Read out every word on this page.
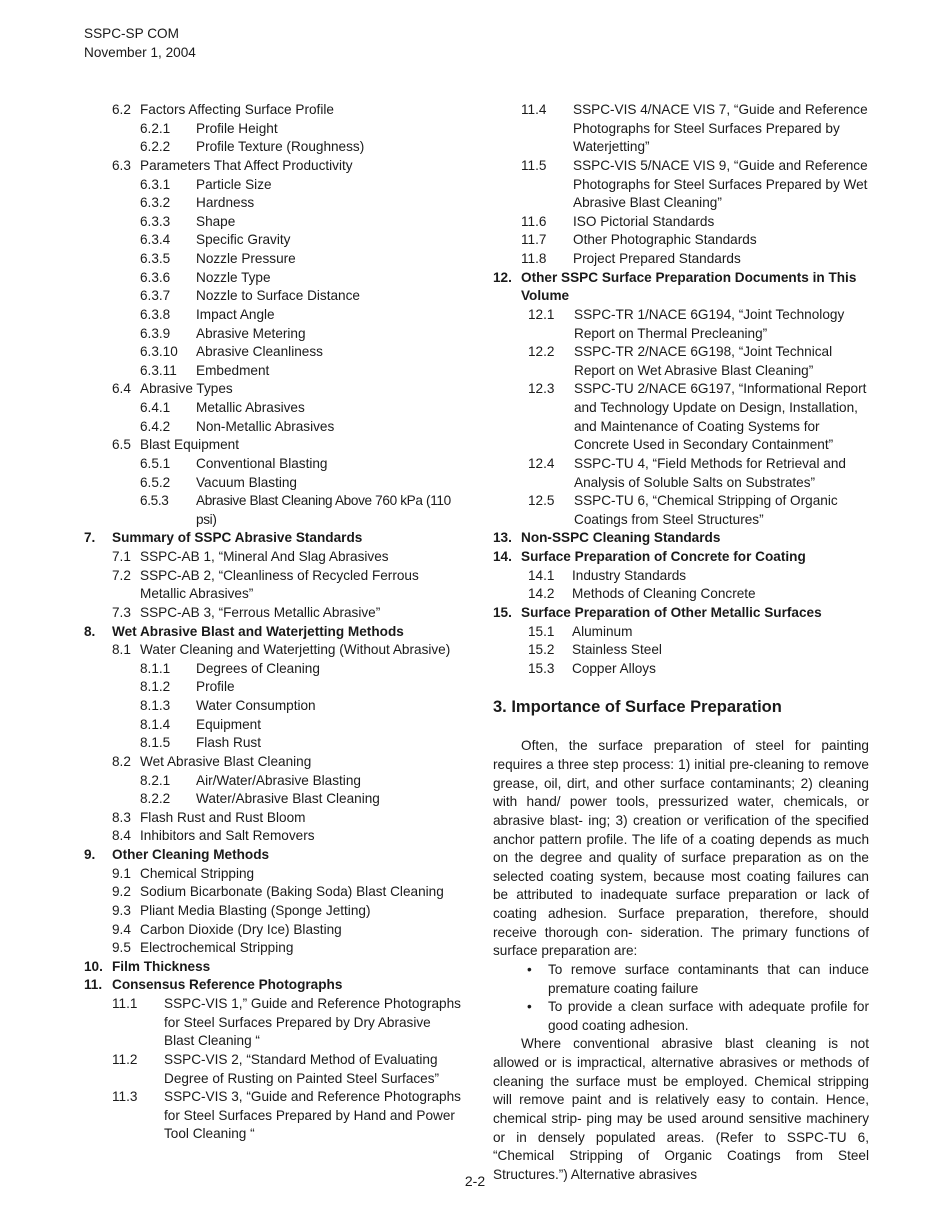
SSPC-SP COM
November 1, 2004
6.2 Factors Affecting Surface Profile
6.2.1 Profile Height
6.2.2 Profile Texture (Roughness)
6.3 Parameters That Affect Productivity
6.3.1 Particle Size
6.3.2 Hardness
6.3.3 Shape
6.3.4 Specific Gravity
6.3.5 Nozzle Pressure
6.3.6 Nozzle Type
6.3.7 Nozzle to Surface Distance
6.3.8 Impact Angle
6.3.9 Abrasive Metering
6.3.10 Abrasive Cleanliness
6.3.11 Embedment
6.4 Abrasive Types
6.4.1 Metallic Abrasives
6.4.2 Non-Metallic Abrasives
6.5 Blast Equipment
6.5.1 Conventional Blasting
6.5.2 Vacuum Blasting
6.5.3 Abrasive Blast Cleaning Above 760 kPa (110 psi)
7. Summary of SSPC Abrasive Standards
7.1 SSPC-AB 1, “Mineral And Slag Abrasives
7.2 SSPC-AB 2, “Cleanliness of Recycled Ferrous Metallic Abrasives”
7.3 SSPC-AB 3, “Ferrous Metallic Abrasive”
8. Wet Abrasive Blast and Waterjetting Methods
8.1 Water Cleaning and Waterjetting (Without Abrasive)
8.1.1 Degrees of Cleaning
8.1.2 Profile
8.1.3 Water Consumption
8.1.4 Equipment
8.1.5 Flash Rust
8.2 Wet Abrasive Blast Cleaning
8.2.1 Air/Water/Abrasive Blasting
8.2.2 Water/Abrasive Blast Cleaning
8.3 Flash Rust and Rust Bloom
8.4 Inhibitors and Salt Removers
9. Other Cleaning Methods
9.1 Chemical Stripping
9.2 Sodium Bicarbonate (Baking Soda) Blast Cleaning
9.3 Pliant Media Blasting (Sponge Jetting)
9.4 Carbon Dioxide (Dry Ice) Blasting
9.5 Electrochemical Stripping
10. Film Thickness
11. Consensus Reference Photographs
11.1 SSPC-VIS 1,” Guide and Reference Photographs for Steel Surfaces Prepared by Dry Abrasive Blast Cleaning “
11.2 SSPC-VIS 2, “Standard Method of Evaluating Degree of Rusting on Painted Steel Surfaces”
11.3 SSPC-VIS 3, “Guide and Reference Photographs for Steel Surfaces Prepared by Hand and Power Tool Cleaning “
11.4 SSPC-VIS 4/NACE VIS 7, “Guide and Reference Photographs for Steel Surfaces Prepared by Waterjetting”
11.5 SSPC-VIS 5/NACE VIS 9, “Guide and Reference Photographs for Steel Surfaces Prepared by Wet Abrasive Blast Cleaning”
11.6 ISO Pictorial Standards
11.7 Other Photographic Standards
11.8 Project Prepared Standards
12. Other SSPC Surface Preparation Documents in This Volume
12.1 SSPC-TR 1/NACE 6G194, “Joint Technology Report on Thermal Precleaning”
12.2 SSPC-TR 2/NACE 6G198, “Joint Technical Report on Wet Abrasive Blast Cleaning”
12.3 SSPC-TU 2/NACE 6G197, “Informational Report and Technology Update on Design, Installation, and Maintenance of Coating Systems for Concrete Used in Secondary Containment”
12.4 SSPC-TU 4, “Field Methods for Retrieval and Analysis of Soluble Salts on Substrates”
12.5 SSPC-TU 6, “Chemical Stripping of Organic Coatings from Steel Structures”
13. Non-SSPC Cleaning Standards
14. Surface Preparation of Concrete for Coating
14.1 Industry Standards
14.2 Methods of Cleaning Concrete
15. Surface Preparation of Other Metallic Surfaces
15.1 Aluminum
15.2 Stainless Steel
15.3 Copper Alloys
3. Importance of Surface Preparation
Often, the surface preparation of steel for painting requires a three step process: 1) initial pre-cleaning to remove grease, oil, dirt, and other surface contaminants; 2) cleaning with hand/ power tools, pressurized water, chemicals, or abrasive blast- ing; 3) creation or verification of the specified anchor pattern profile. The life of a coating depends as much on the degree and quality of surface preparation as on the selected coating system, because most coating failures can be attributed to inadequate surface preparation or lack of coating adhesion. Surface preparation, therefore, should receive thorough con- sideration. The primary functions of surface preparation are:
• To remove surface contaminants that can induce premature coating failure
• To provide a clean surface with adequate profile for good coating adhesion.
Where conventional abrasive blast cleaning is not allowed or is impractical, alternative abrasives or methods of cleaning the surface must be employed. Chemical stripping will remove paint and is relatively easy to contain. Hence, chemical strip- ping may be used around sensitive machinery or in densely populated areas. (Refer to SSPC-TU 6, “Chemical Stripping of Organic Coatings from Steel Structures.”) Alternative abrasives
2-2
